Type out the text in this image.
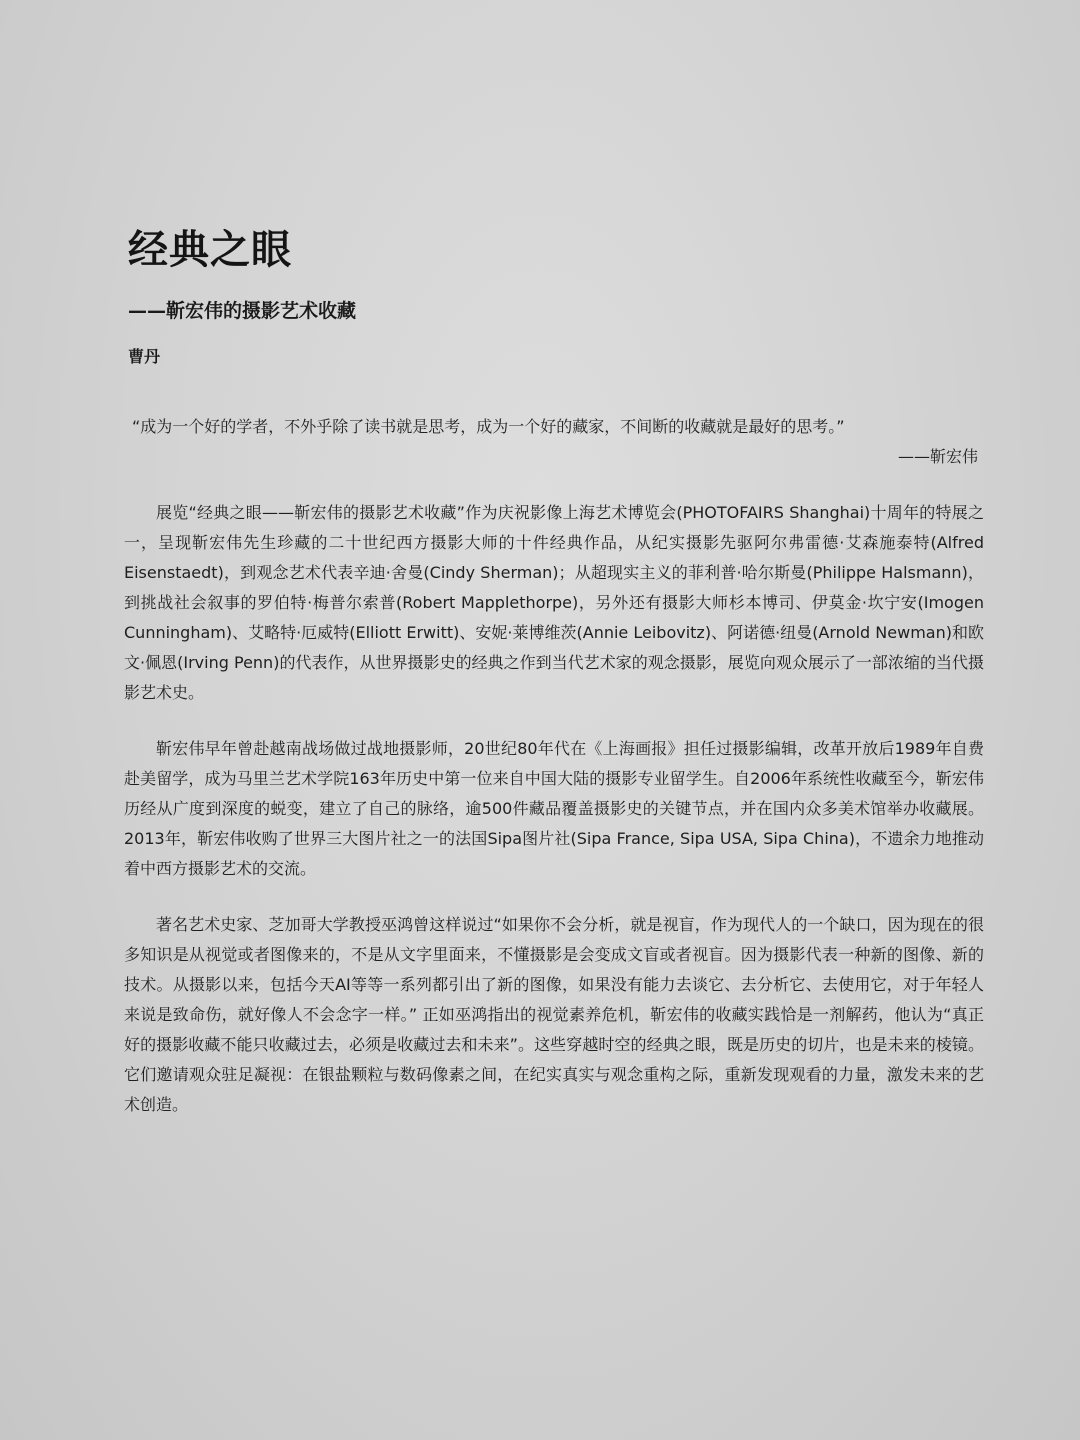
经典之眼
——靳宏伟的摄影艺术收藏
曹丹
“成为一个好的学者，不外乎除了读书就是思考，成为一个好的藏家，不间断的收藏就是最好的思考。”
——靳宏伟

展览“经典之眼——靳宏伟的摄影艺术收藏”作为庆祝影像上海艺术博览会(PHOTOFAIRS Shanghai)十周年的特展之一，呈现靳宏伟先生珍藏的二十世纪西方摄影大师的十件经典作品，从纪实摄影先驱阿尔弗雷德·艾森施泰特(Alfred Eisenstaedt)，到观念艺术代表辛迪·舍曼(Cindy Sherman)；从超现实主义的菲利普·哈尔斯曼(Philippe Halsmann)，到挑战社会叙事的罗伯特·梅普尔索普(Robert Mapplethorpe)，另外还有摄影大师杉本博司、伊莫金·坎宁安(Imogen Cunningham)、艾略特·厄威特(Elliott Erwitt)、安妮·莱博维茨(Annie Leibovitz)、阿诺德·纽曼(Arnold Newman)和欧文·佩恩(Irving Penn)的代表作，从世界摄影史的经典之作到当代艺术家的观念摄影，展览向观众展示了一部浓缩的当代摄影艺术史。

靳宏伟早年曾赴越南战场做过战地摄影师，20世纪80年代在《上海画报》担任过摄影编辑，改革开放后1989年自费赴美留学，成为马里兰艺术学院163年历史中第一位来自中国大陆的摄影专业留学生。自2006年系统性收藏至今，靳宏伟历经从广度到深度的蜕变，建立了自己的脉络，逾500件藏品覆盖摄影史的关键节点，并在国内众多美术馆举办收藏展。2013年，靳宏伟收购了世界三大图片社之一的法国Sipa图片社(Sipa France, Sipa USA, Sipa China)，不遗余力地推动着中西方摄影艺术的交流。

著名艺术史家、芝加哥大学教授巫鸿曾这样说过“如果你不会分析，就是视盲，作为现代人的一个缺口，因为现在的很多知识是从视觉或者图像来的，不是从文字里面来，不懂摄影是会变成文盲或者视盲。因为摄影代表一种新的图像、新的技术。从摄影以来，包括今天AI等等一系列都引出了新的图像，如果没有能力去谈它、去分析它、去使用它，对于年轻人来说是致命伤，就好像人不会念字一样。” 正如巫鸿指出的视觉素养危机，靳宏伟的收藏实践恰是一剂解药，他认为“真正好的摄影收藏不能只收藏过去，必须是收藏过去和未来”。这些穿越时空的经典之眼，既是历史的切片，也是未来的棱镜。它们邀请观众驻足凝视：在银盐颗粒与数码像素之间，在纪实真实与观念重构之际，重新发现观看的力量，激发未来的艺术创造。
